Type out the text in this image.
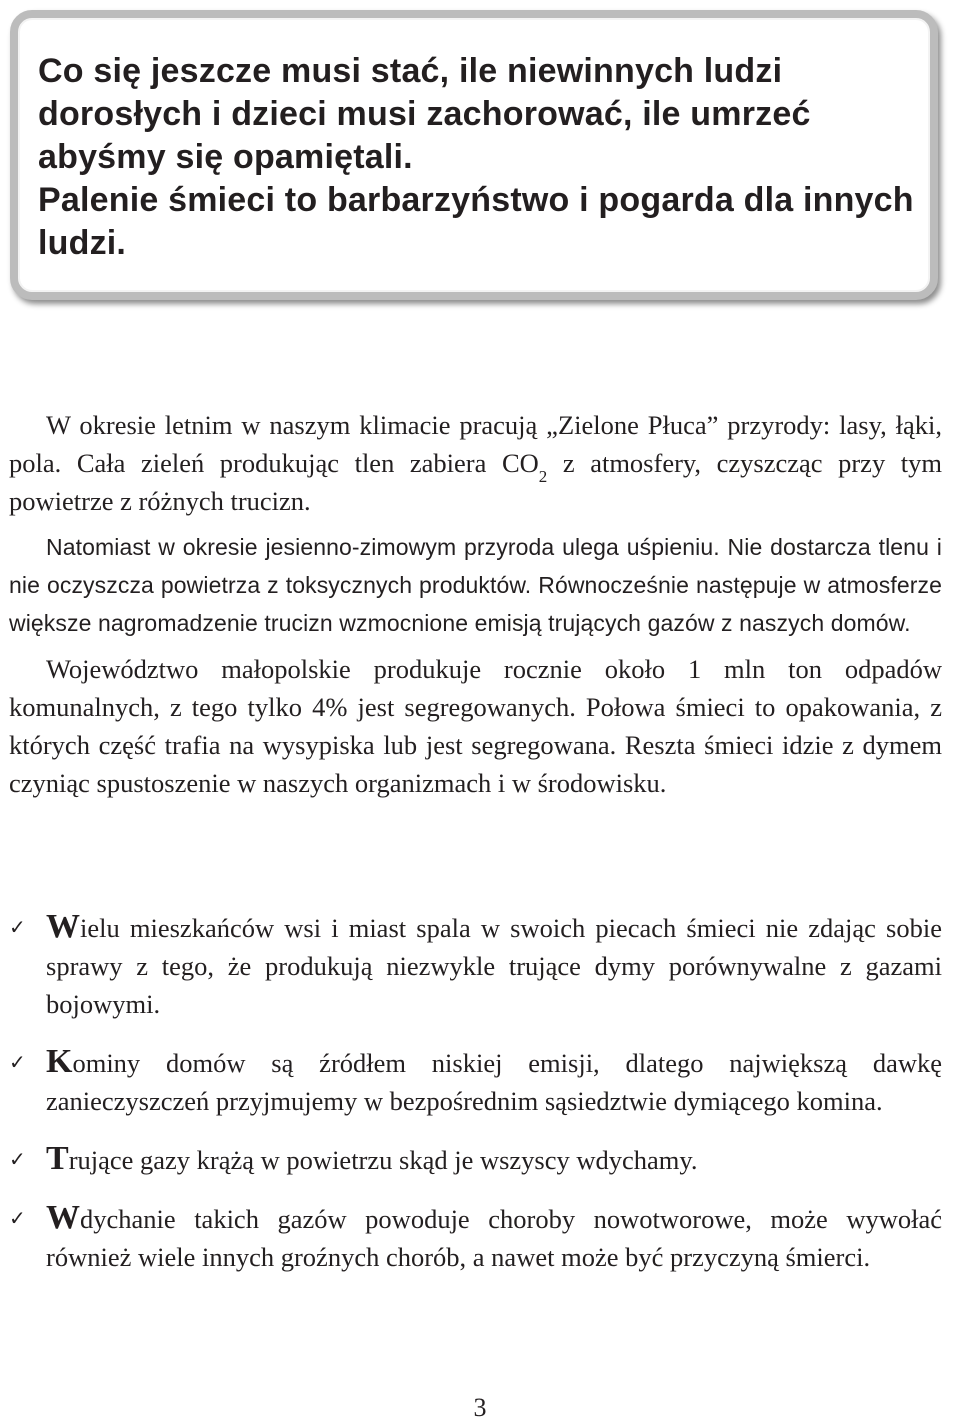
Co się jeszcze musi stać, ile niewinnych ludzi dorosłych i dzieci musi zachorować, ile umrzeć abyśmy się opamiętali.

Palenie śmieci to barbarzyństwo i pogarda dla innych ludzi.

W okresie letnim w naszym klimacie pracują „Zielone Płuca” przyrody: lasy, łąki, pola. Cała zieleń produkując tlen zabiera $CO_2$ z atmosfery, czyszcząc przy tym powietrze z różnych trucizn.

Natomiast w okresie jesienno-zimowym przyroda ulega uśpieniu. Nie dostarcza tlenu i nie oczyszcza powietrza z toksycznych produktów. Równocześnie następuje w atmosferze większe nagromadzenie trucizn wzmocnione emisją trujących gazów z naszych domów.

Województwo małopolskie produkuje rocznie około 1 mln ton odpadów komunalnych, z tego tylko 4% jest segregowanych. Połowa śmieci to opakowania, z których część trafia na wysypiska lub jest segregowana. Reszta śmieci idzie z dymem czyniąc spustoszenie w naszych organizmach i w środowisku.

✓ Wielu mieszkańców wsi i miast spala w swoich piecach śmieci nie zdając sobie sprawy z tego, że produkują niezwykle trujące dymy porównywalne z gazami bojowymi.
✓ Kominy domów są źródłem niskiej emisji, dlatego największą dawkę zanieczyszczeń przyjmujemy w bezpośrednim sąsiedztwie dymiącego komina.
✓ Trujące gazy krążą w powietrzu skąd je wszyscy wdychamy.
✓ Wdychanie takich gazów powoduje choroby nowotworowe, może wywołać również wiele innych groźnych chorób, a nawet może być przyczyną śmierci.
3
